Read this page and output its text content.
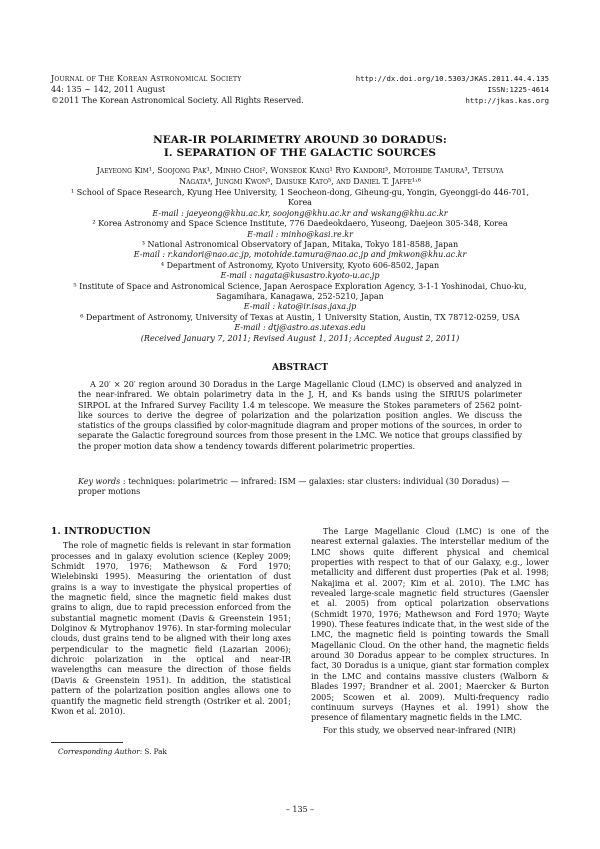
Journal of The Korean Astronomical Society
44: 135 ∼ 142, 2011 August
©2011 The Korean Astronomical Society. All Rights Reserved.
http://dx.doi.org/10.5303/JKAS.2011.44.4.135
ISSN:1225-4614
http://jkas.kas.org
NEAR-IR POLARIMETRY AROUND 30 DORADUS:
I. SEPARATION OF THE GALACTIC SOURCES
Jaeyeong Kim¹, Soojong Pak¹, Minho Choi², Wonseok Kang¹ Ryo Kandori³, Motohide Tamura³, Tetsuya
Nagata⁴, Jungmi Kwon⁵, Daisuke Kato⁵, and Daniel T. Jaffe¹˒⁶
¹ School of Space Research, Kyung Hee University, 1 Seocheon-dong, Giheung-gu, Yongin, Gyeonggi-do 446-701,
Korea
E-mail : jaeyeong@khu.ac.kr, soojong@khu.ac.kr and wskang@khu.ac.kr
² Korea Astronomy and Space Science Institute, 776 Daedeokdaero, Yuseong, Daejeon 305-348, Korea
E-mail : minho@kasi.re.kr
³ National Astronomical Observatory of Japan, Mitaka, Tokyo 181-8588, Japan
E-mail : r.kandori@nao.ac.jp, motohide.tamura@nao.ac.jp and jmkwon@khu.ac.kr
⁴ Department of Astronomy, Kyoto University, Kyoto 606-8502, Japan
E-mail : nagata@kusastro.kyoto-u.ac.jp
⁵ Institute of Space and Astronomical Science, Japan Aerospace Exploration Agency, 3-1-1 Yoshinodai, Chuo-ku,
Sagamihara, Kanagawa, 252-5210, Japan
E-mail : kato@ir.isas.jaxa.jp
⁶ Department of Astronomy, University of Texas at Austin, 1 University Station, Austin, TX 78712-0259, USA
E-mail : dtj@astro.as.utexas.edu
(Received January 7, 2011; Revised August 1, 2011; Accepted August 2, 2011)
ABSTRACT

A 20′ × 20′ region around 30 Doradus in the Large Magellanic Cloud (LMC) is observed and analyzed in the near-infrared. We obtain polarimetry data in the J, H, and Ks bands using the SIRIUS polarimeter SIRPOL at the Infrared Survey Facility 1.4 m telescope. We measure the Stokes parameters of 2562 point-like sources to derive the degree of polarization and the polarization position angles. We discuss the statistics of the groups classified by color-magnitude diagram and proper motions of the sources, in order to separate the Galactic foreground sources from those present in the LMC. We notice that groups classified by the proper motion data show a tendency towards different polarimetric properties.

Key words : techniques: polarimetric — infrared: ISM — galaxies: star clusters: individual (30 Doradus) — proper motions

1. INTRODUCTION

The role of magnetic fields is relevant in star formation processes and in galaxy evolution science (Kepley 2009; Schmidt 1970, 1976; Mathewson & Ford 1970; Wielebinski 1995). Measuring the orientation of dust grains is a way to investigate the physical properties of the magnetic field, since the magnetic field makes dust grains to align, due to rapid precession enforced from the substantial magnetic moment (Davis & Greenstein 1951; Dolginov & Mytrophanov 1976). In star-forming molecular clouds, dust grains tend to be aligned with their long axes perpendicular to the magnetic field (Lazarian 2006); dichroic polarization in the optical and near-IR wavelengths can measure the direction of those fields (Davis & Greenstein 1951). In addition, the statistical pattern of the polarization position angles allows one to quantify the magnetic field strength (Ostriker et al. 2001; Kwon et al. 2010).

The Large Magellanic Cloud (LMC) is one of the nearest external galaxies. The interstellar medium of the LMC shows quite different physical and chemical properties with respect to that of our Galaxy, e.g., lower metallicity and different dust properties (Pak et al. 1998; Nakajima et al. 2007; Kim et al. 2010). The LMC has revealed large-scale magnetic field structures (Gaensler et al. 2005) from optical polarization observations (Schmidt 1970, 1976; Mathewson and Ford 1970; Wayte 1990). These features indicate that, in the west side of the LMC, the magnetic field is pointing towards the Small Magellanic Cloud. On the other hand, the magnetic fields around 30 Doradus appear to be complex structures. In fact, 30 Doradus is a unique, giant star formation complex in the LMC and contains massive clusters (Walborn & Blades 1997; Brandner et al. 2001; Maercker & Burton 2005; Scowen et al. 2009). Multi-frequency radio continuum surveys (Haynes et al. 1991) show the presence of filamentary magnetic fields in the LMC.

For this study, we observed near-infrared (NIR)

Corresponding Author: S. Pak
– 135 –
